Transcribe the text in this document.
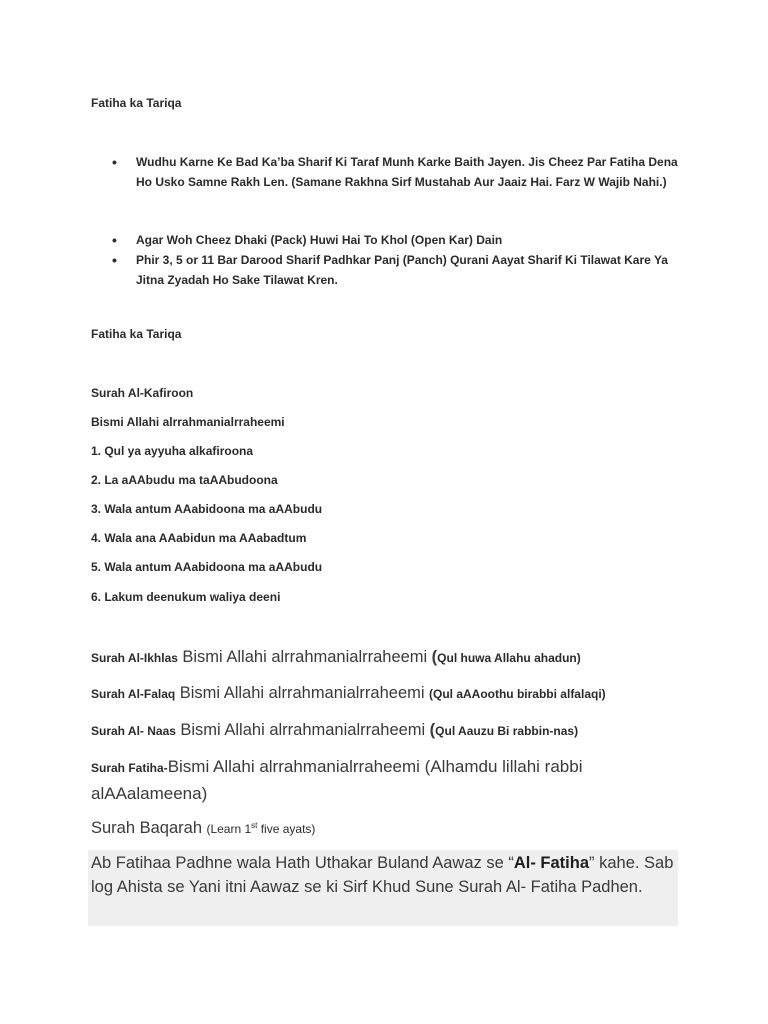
Fatiha ka Tariqa
• Wudhu Karne Ke Bad Ka’ba Sharif Ki Taraf Munh Karke Baith Jayen. Jis Cheez Par Fatiha Dena Ho Usko Samne Rakh Len. (Samane Rakhna Sirf Mustahab Aur Jaaiz Hai. Farz W Wajib Nahi.)
• Agar Woh Cheez Dhaki (Pack) Huwi Hai To Khol (Open Kar) Dain
• Phir 3, 5 or 11 Bar Darood Sharif Padhkar Panj (Panch) Qurani Aayat Sharif Ki Tilawat Kare Ya Jitna Zyadah Ho Sake Tilawat Kren.
Fatiha ka Tariqa
Surah Al-Kafiroon
Bismi Allahi alrrahmanialrraheemi
1. Qul ya ayyuha alkafiroona
2. La aAAbudu ma taAAbudoona
3. Wala antum AAabidoona ma aAAbudu
4. Wala ana AAabidun ma AAabadtum
5. Wala antum AAabidoona ma aAAbudu
6. Lakum deenukum waliya deeni
Surah Al-Ikhlas Bismi Allahi alrrahmanialrraheemi (Qul huwa Allahu ahadun)
Surah Al-Falaq Bismi Allahi alrrahmanialrraheemi (Qul aAAoothu birabbi alfalaqi)
Surah Al- Naas Bismi Allahi alrrahmanialrraheemi (Qul Aauzu Bi rabbin-nas)
Surah Fatiha-Bismi Allahi alrrahmanialrraheemi (Alhamdu lillahi rabbi
alAAalameena)
Surah Baqarah (Learn 1st five ayats)
Ab Fatihaa Padhne wala Hath Uthakar Buland Aawaz se “Al- Fatiha” kahe. Sab log Ahista se Yani itni Aawaz se ki Sirf Khud Sune Surah Al- Fatiha Padhen.
